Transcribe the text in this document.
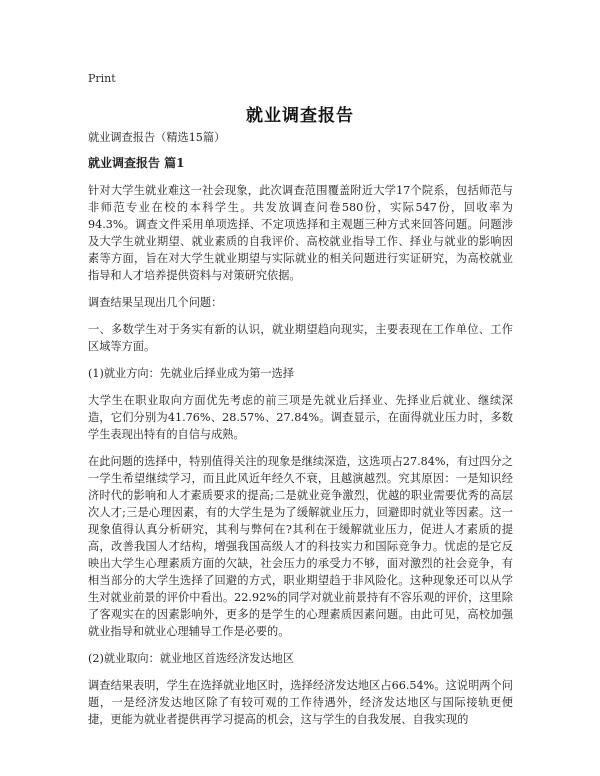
Print
就业调查报告

就业调查报告（精选15篇）

就业调查报告 篇1

针对大学生就业难这一社会现象，此次调查范围覆盖附近大学17个院系，包括师范与非师范专业在校的本科学生。共发放调查问卷580份，实际547份，回收率为94.3%。调查文件采用单项选择、不定项选择和主观题三种方式来回答问题。问题涉及大学生就业期望、就业素质的自我评价、高校就业指导工作、择业与就业的影响因素等方面，旨在对大学生就业期望与实际就业的相关问题进行实证研究，为高校就业指导和人才培养提供资料与对策研究依据。

调查结果呈现出几个问题：

一、多数学生对于务实有新的认识，就业期望趋向现实，主要表现在工作单位、工作区域等方面。

(1)就业方向：先就业后择业成为第一选择

大学生在职业取向方面优先考虑的前三项是先就业后择业、先择业后就业、继续深造，它们分别为41.76%、28.57%、27.84%。调查显示，在面得就业压力时，多数学生表现出特有的自信与成熟。

在此问题的选择中，特别值得关注的现象是继续深造，这选项占27.84%，有过四分之一学生希望继续学习，而且此风近年经久不衰，且越演越烈。究其原因：一是知识经济时代的影响和人才素质要求的提高;二是就业竞争激烈，优越的职业需要优秀的高层次人才;三是心理因素，有的大学生是为了缓解就业压力，回避即时就业等因素。这一现象值得认真分析研究，其利与弊何在?其利在于缓解就业压力，促进人才素质的提高，改善我国人才结构，增强我国高级人才的科技实力和国际竞争力。忧虑的是它反映出大学生心理素质方面的欠缺，社会压力的承受力不够，面对激烈的社会竞争，有相当部分的大学生选择了回避的方式，职业期望趋于非风险化。这种现象还可以从学生对就业前景的评价中看出。22.92%的同学对就业前景持有不容乐观的评价，这里除了客观实在的因素影响外，更多的是学生的心理素质因素问题。由此可见，高校加强就业指导和就业心理辅导工作是必要的。

(2)就业取向：就业地区首选经济发达地区

调查结果表明，学生在选择就业地区时，选择经济发达地区占66.54%。这说明两个问题，一是经济发达地区除了有较可观的工作待遇外，经济发达地区与国际接轨更便捷，更能为就业者提供再学习提高的机会，这与学生的自我发展、自我实现的
